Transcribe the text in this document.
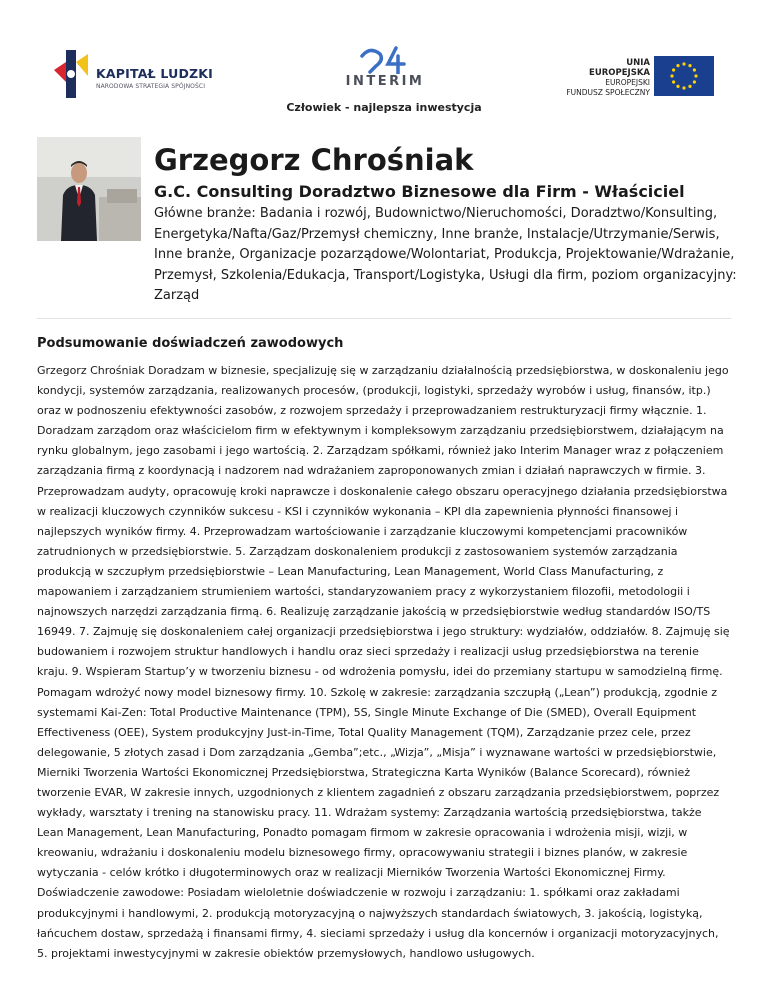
KAPITAŁ LUDZKI
NARODOWA STRATEGIA SPÓJNOŚCI	INTERIM
UNIA EUROPEJSKA
EUROPEJSKI
FUNDUSZ SPOŁECZNY
Człowiek - najlepsza inwestycja
Grzegorz Chrośniak
G.C. Consulting Doradztwo Biznesowe dla Firm - Właściciel
Główne branże: Badania i rozwój, Budownictwo/Nieruchomości, Doradztwo/Konsulting, Energetyka/Nafta/Gaz/Przemysł chemiczny, Inne branże, Instalacje/Utrzymanie/Serwis, Inne branże, Organizacje pozarządowe/Wolontariat, Produkcja, Projektowanie/Wdrażanie, Przemysł, Szkolenia/Edukacja, Transport/Logistyka, Usługi dla firm, poziom organizacyjny: Zarząd
Podsumowanie doświadczeń zawodowych
Grzegorz Chrośniak Doradzam w biznesie, specjalizuję się w zarządzaniu działalnością przedsiębiorstwa, w doskonaleniu jego kondycji, systemów zarządzania, realizowanych procesów, (produkcji, logistyki, sprzedaży wyrobów i usług, finansów, itp.) oraz w podnoszeniu efektywności zasobów, z rozwojem sprzedaży i przeprowadzaniem restrukturyzacji firmy włącznie. 1. Doradzam zarządom oraz właścicielom firm w efektywnym i kompleksowym zarządzaniu przedsiębiorstwem, działającym na rynku globalnym, jego zasobami i jego wartością. 2. Zarządzam spółkami, również jako Interim Manager wraz z połączeniem zarządzania firmą z koordynacją i nadzorem nad wdrażaniem zaproponowanych zmian i działań naprawczych w firmie. 3. Przeprowadzam audyty, opracowuję kroki naprawcze i doskonalenie całego obszaru operacyjnego działania przedsiębiorstwa w realizacji kluczowych czynników sukcesu - KSI i czynników wykonania – KPI dla zapewnienia płynności finansowej i najlepszych wyników firmy. 4. Przeprowadzam wartościowanie i zarządzanie kluczowymi kompetencjami pracowników zatrudnionych w przedsiębiorstwie. 5. Zarządzam doskonaleniem produkcji z zastosowaniem systemów zarządzania produkcją w szczupłym przedsiębiorstwie – Lean Manufacturing, Lean Management, World Class Manufacturing, z mapowaniem i zarządzaniem strumieniem wartości, standaryzowaniem pracy z wykorzystaniem filozofii, metodologii i najnowszych narzędzi zarządzania firmą. 6. Realizuję zarządzanie jakością w przedsiębiorstwie według standardów ISO/TS 16949. 7. Zajmuję się doskonaleniem całej organizacji przedsiębiorstwa i jego struktury: wydziałów, oddziałów. 8. Zajmuję się budowaniem i rozwojem struktur handlowych i handlu oraz sieci sprzedaży i realizacji usług przedsiębiorstwa na terenie kraju. 9. Wspieram Startup’y w tworzeniu biznesu - od wdrożenia pomysłu, idei do przemiany startupu w samodzielną firmę. Pomagam wdrożyć nowy model biznesowy firmy. 10. Szkolę w zakresie: zarządzania szczupłą („Lean”) produkcją, zgodnie z systemami Kai-Zen: Total Productive Maintenance (TPM), 5S, Single Minute Exchange of Die (SMED), Overall Equipment Effectiveness (OEE), System produkcyjny Just-in-Time, Total Quality Management (TQM), Zarządzanie przez cele, przez delegowanie, 5 złotych zasad i Dom zarządzania „Gemba”;etc., „Wizja”, „Misja” i wyznawane wartości w przedsiębiorstwie, Mierniki Tworzenia Wartości Ekonomicznej Przedsiębiorstwa, Strategiczna Karta Wyników (Balance Scorecard), również tworzenie EVAR, W zakresie innych, uzgodnionych z klientem zagadnień z obszaru zarządzania przedsiębiorstwem, poprzez wykłady, warsztaty i trening na stanowisku pracy. 11. Wdrażam systemy: Zarządzania wartością przedsiębiorstwa, także Lean Management, Lean Manufacturing, Ponadto pomagam firmom w zakresie opracowania i wdrożenia misji, wizji, w kreowaniu, wdrażaniu i doskonaleniu modelu biznesowego firmy, opracowywaniu strategii i biznes planów, w zakresie wytyczania - celów krótko i długoterminowych oraz w realizacji Mierników Tworzenia Wartości Ekonomicznej Firmy. Doświadczenie zawodowe: Posiadam wieloletnie doświadczenie w rozwoju i zarządzaniu: 1. spółkami oraz zakładami produkcyjnymi i handlowymi, 2. produkcją motoryzacyjną o najwyższych standardach światowych, 3. jakością, logistyką, łańcuchem dostaw, sprzedażą i finansami firmy, 4. sieciami sprzedaży i usług dla koncernów i organizacji motoryzacyjnych, 5. projektami inwestycyjnymi w zakresie obiektów przemysłowych, handlowo usługowych.
